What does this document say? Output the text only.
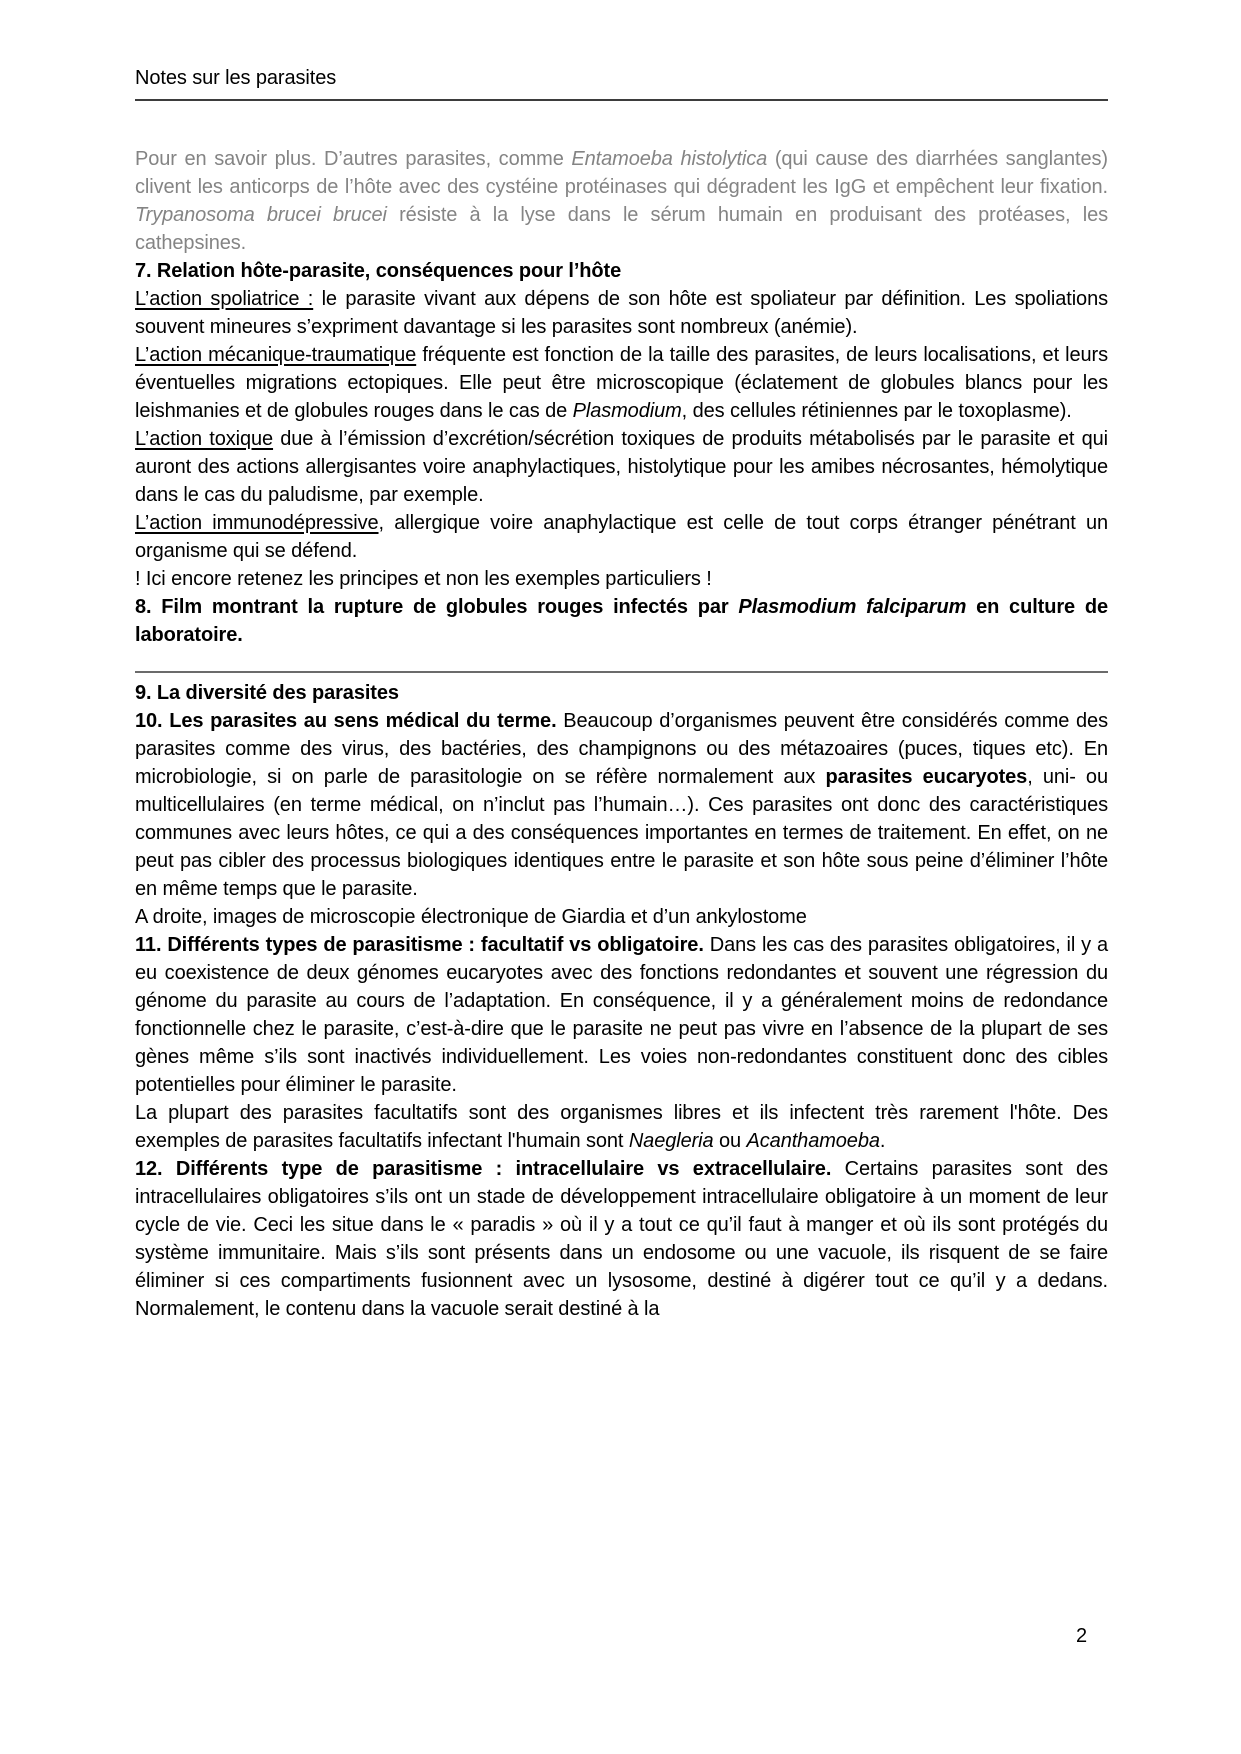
Notes sur les parasites

Pour en savoir plus. D’autres parasites, comme Entamoeba histolytica (qui cause des diarrhées sanglantes) clivent les anticorps de l’hôte avec des cystéine protéinases qui dégradent les IgG et empêchent leur fixation. Trypanosoma brucei brucei résiste à la lyse dans le sérum humain en produisant des protéases, les cathepsines.

7. Relation hôte-parasite, conséquences pour l’hôte

L’action spoliatrice : le parasite vivant aux dépens de son hôte est spoliateur par définition. Les spoliations souvent mineures s’expriment davantage si les parasites sont nombreux (anémie).

L’action mécanique-traumatique fréquente est fonction de la taille des parasites, de leurs localisations, et leurs éventuelles migrations ectopiques. Elle peut être microscopique (éclatement de globules blancs pour les leishmanies et de globules rouges dans le cas de Plasmodium, des cellules rétiniennes par le toxoplasme).

L’action toxique due à l’émission d’excrétion/sécrétion toxiques de produits métabolisés par le parasite et qui auront des actions allergisantes voire anaphylactiques, histolytique pour les amibes nécrosantes, hémolytique dans le cas du paludisme, par exemple.

L’action immunodépressive, allergique voire anaphylactique est celle de tout corps étranger pénétrant un organisme qui se défend.

! Ici encore retenez les principes et non les exemples particuliers !

8. Film montrant la rupture de globules rouges infectés par Plasmodium falciparum en culture de laboratoire.

9. La diversité des parasites

10. Les parasites au sens médical du terme. Beaucoup d’organismes peuvent être considérés comme des parasites comme des virus, des bactéries, des champignons ou des métazoaires (puces, tiques etc). En microbiologie, si on parle de parasitologie on se réfère normalement aux parasites eucaryotes, uni- ou multicellulaires (en terme médical, on n’inclut pas l’humain…). Ces parasites ont donc des caractéristiques communes avec leurs hôtes, ce qui a des conséquences importantes en termes de traitement. En effet, on ne peut pas cibler des processus biologiques identiques entre le parasite et son hôte sous peine d’éliminer l’hôte en même temps que le parasite.

A droite, images de microscopie électronique de Giardia et d’un ankylostome

11. Différents types de parasitisme : facultatif vs obligatoire. Dans les cas des parasites obligatoires, il y a eu coexistence de deux génomes eucaryotes avec des fonctions redondantes et souvent une régression du génome du parasite au cours de l’adaptation. En conséquence, il y a généralement moins de redondance fonctionnelle chez le parasite, c’est-à-dire que le parasite ne peut pas vivre en l’absence de la plupart de ses gènes même s’ils sont inactivés individuellement. Les voies non-redondantes constituent donc des cibles potentielles pour éliminer le parasite.

La plupart des parasites facultatifs sont des organismes libres et ils infectent très rarement l'hôte. Des exemples de parasites facultatifs infectant l'humain sont Naegleria ou Acanthamoeba.

12. Différents type de parasitisme : intracellulaire vs extracellulaire. Certains parasites sont des intracellulaires obligatoires s’ils ont un stade de développement intracellulaire obligatoire à un moment de leur cycle de vie. Ceci les situe dans le « paradis » où il y a tout ce qu’il faut à manger et où ils sont protégés du système immunitaire. Mais s’ils sont présents dans un endosome ou une vacuole, ils risquent de se faire éliminer si ces compartiments fusionnent avec un lysosome, destiné à digérer tout ce qu’il y a dedans. Normalement, le contenu dans la vacuole serait destiné à la

2
